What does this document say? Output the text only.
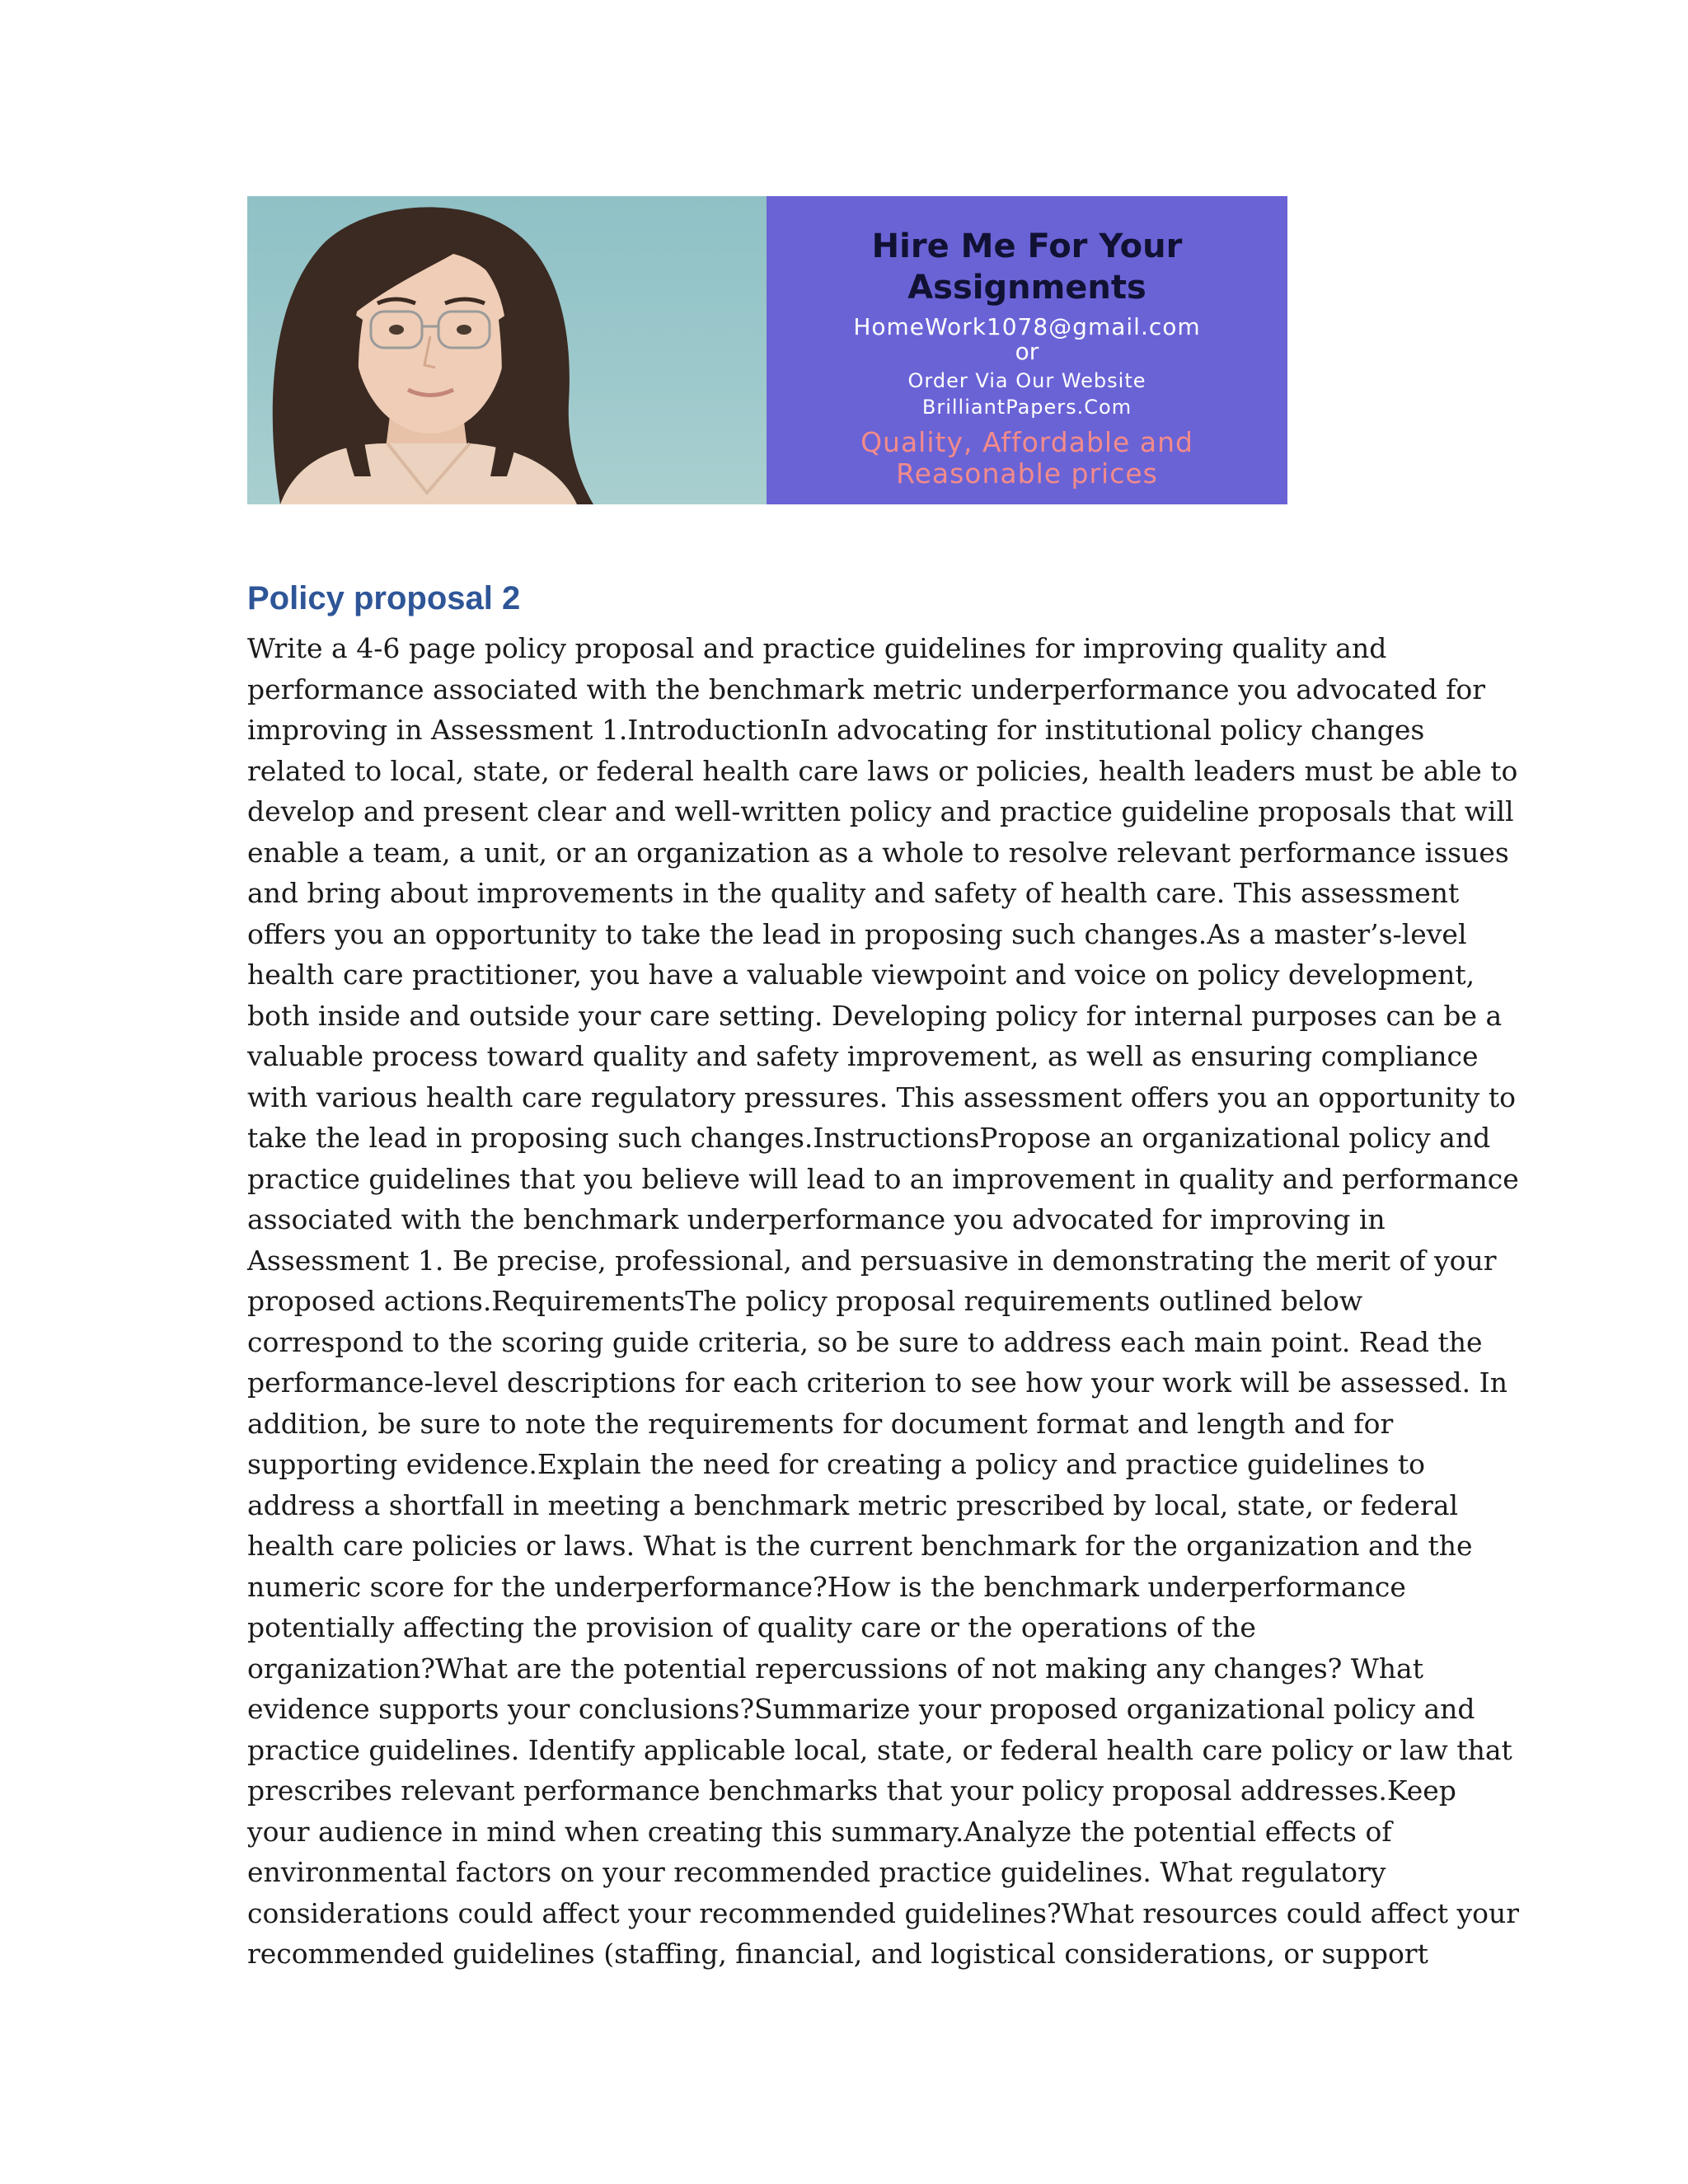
Hire Me For Your
Assignments
HomeWork1078@gmail.com
or
Order Via Our Website
BrilliantPapers.Com
Quality, Affordable and
Reasonable prices
Policy proposal 2
Write a 4-6 page policy proposal and practice guidelines for improving quality and
performance associated with the benchmark metric underperformance you advocated for
improving in Assessment 1.IntroductionIn advocating for institutional policy changes
related to local, state, or federal health care laws or policies, health leaders must be able to
develop and present clear and well-written policy and practice guideline proposals that will
enable a team, a unit, or an organization as a whole to resolve relevant performance issues
and bring about improvements in the quality and safety of health care. This assessment
offers you an opportunity to take the lead in proposing such changes.As a master’s-level
health care practitioner, you have a valuable viewpoint and voice on policy development,
both inside and outside your care setting. Developing policy for internal purposes can be a
valuable process toward quality and safety improvement, as well as ensuring compliance
with various health care regulatory pressures. This assessment offers you an opportunity to
take the lead in proposing such changes.InstructionsPropose an organizational policy and
practice guidelines that you believe will lead to an improvement in quality and performance
associated with the benchmark underperformance you advocated for improving in
Assessment 1. Be precise, professional, and persuasive in demonstrating the merit of your
proposed actions.RequirementsThe policy proposal requirements outlined below
correspond to the scoring guide criteria, so be sure to address each main point. Read the
performance-level descriptions for each criterion to see how your work will be assessed. In
addition, be sure to note the requirements for document format and length and for
supporting evidence.Explain the need for creating a policy and practice guidelines to
address a shortfall in meeting a benchmark metric prescribed by local, state, or federal
health care policies or laws. What is the current benchmark for the organization and the
numeric score for the underperformance?How is the benchmark underperformance
potentially affecting the provision of quality care or the operations of the
organization?What are the potential repercussions of not making any changes? What
evidence supports your conclusions?Summarize your proposed organizational policy and
practice guidelines. Identify applicable local, state, or federal health care policy or law that
prescribes relevant performance benchmarks that your policy proposal addresses.Keep
your audience in mind when creating this summary.Analyze the potential effects of
environmental factors on your recommended practice guidelines. What regulatory
considerations could affect your recommended guidelines?What resources could affect your
recommended guidelines (staffing, financial, and logistical considerations, or support
